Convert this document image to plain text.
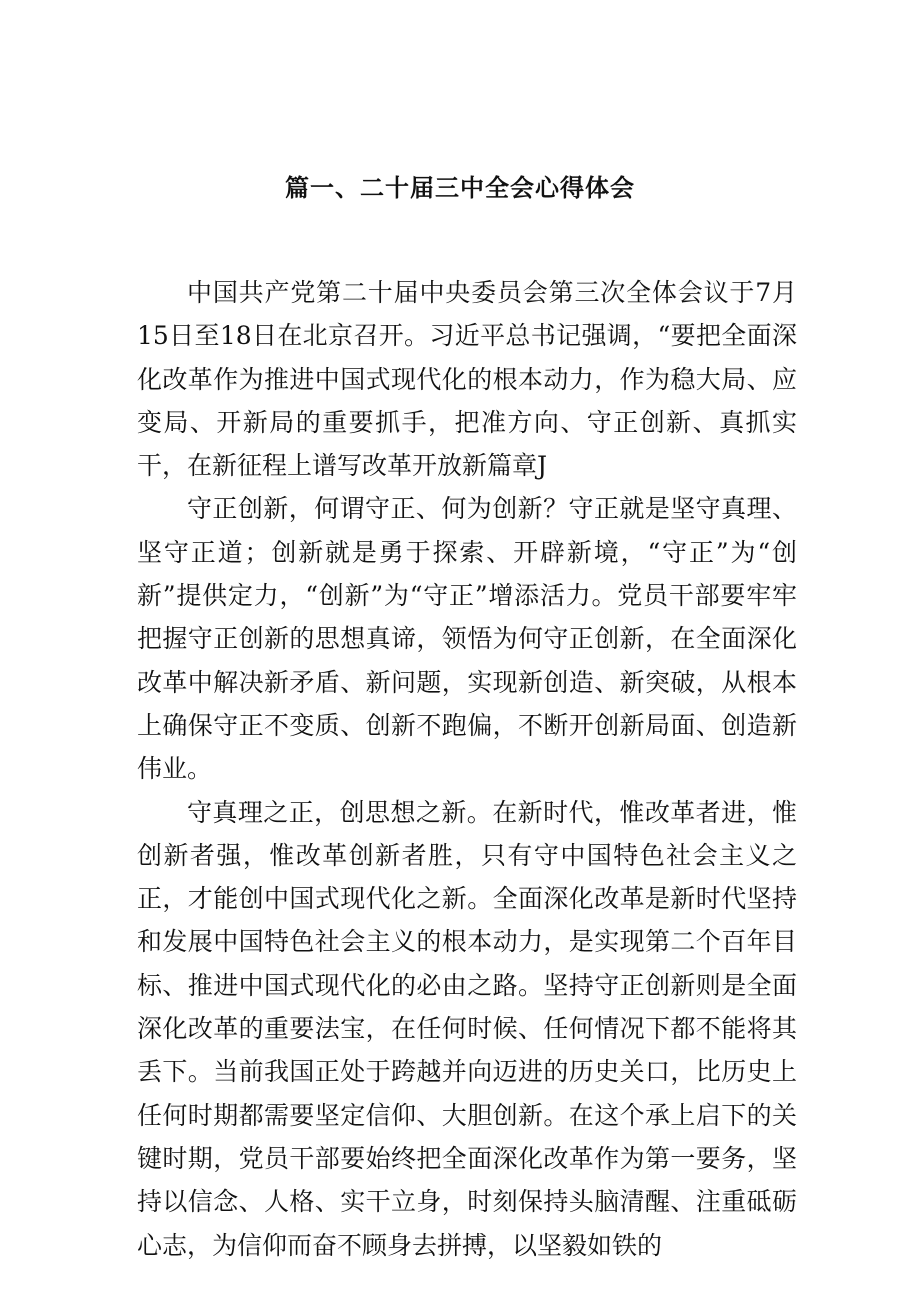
篇一、二十届三中全会心得体会

中国共产党第二十届中央委员会第三次全体会议于7月15日至18日在北京召开。习近平总书记强调，“要把全面深化改革作为推进中国式现代化的根本动力，作为稳大局、应变局、开新局的重要抓手，把准方向、守正创新、真抓实干，在新征程上谱写改革开放新篇章J

守正创新，何谓守正、何为创新？守正就是坚守真理、坚守正道；创新就是勇于探索、开辟新境，“守正”为“创新”提供定力，“创新”为“守正”增添活力。党员干部要牢牢把握守正创新的思想真谛，领悟为何守正创新，在全面深化改革中解决新矛盾、新问题，实现新创造、新突破，从根本上确保守正不变质、创新不跑偏，不断开创新局面、创造新伟业。

守真理之正，创思想之新。在新时代，惟改革者进，惟创新者强，惟改革创新者胜，只有守中国特色社会主义之正，才能创中国式现代化之新。全面深化改革是新时代坚持和发展中国特色社会主义的根本动力，是实现第二个百年目标、推进中国式现代化的必由之路。坚持守正创新则是全面深化改革的重要法宝，在任何时候、任何情况下都不能将其丢下。当前我国正处于跨越并向迈进的历史关口，比历史上任何时期都需要坚定信仰、大胆创新。在这个承上启下的关键时期，党员干部要始终把全面深化改革作为第一要务，坚持以信念、人格、实干立身，时刻保持头脑清醒、注重砥砺心志，为信仰而奋不顾身去拼搏，以坚毅如铁的
